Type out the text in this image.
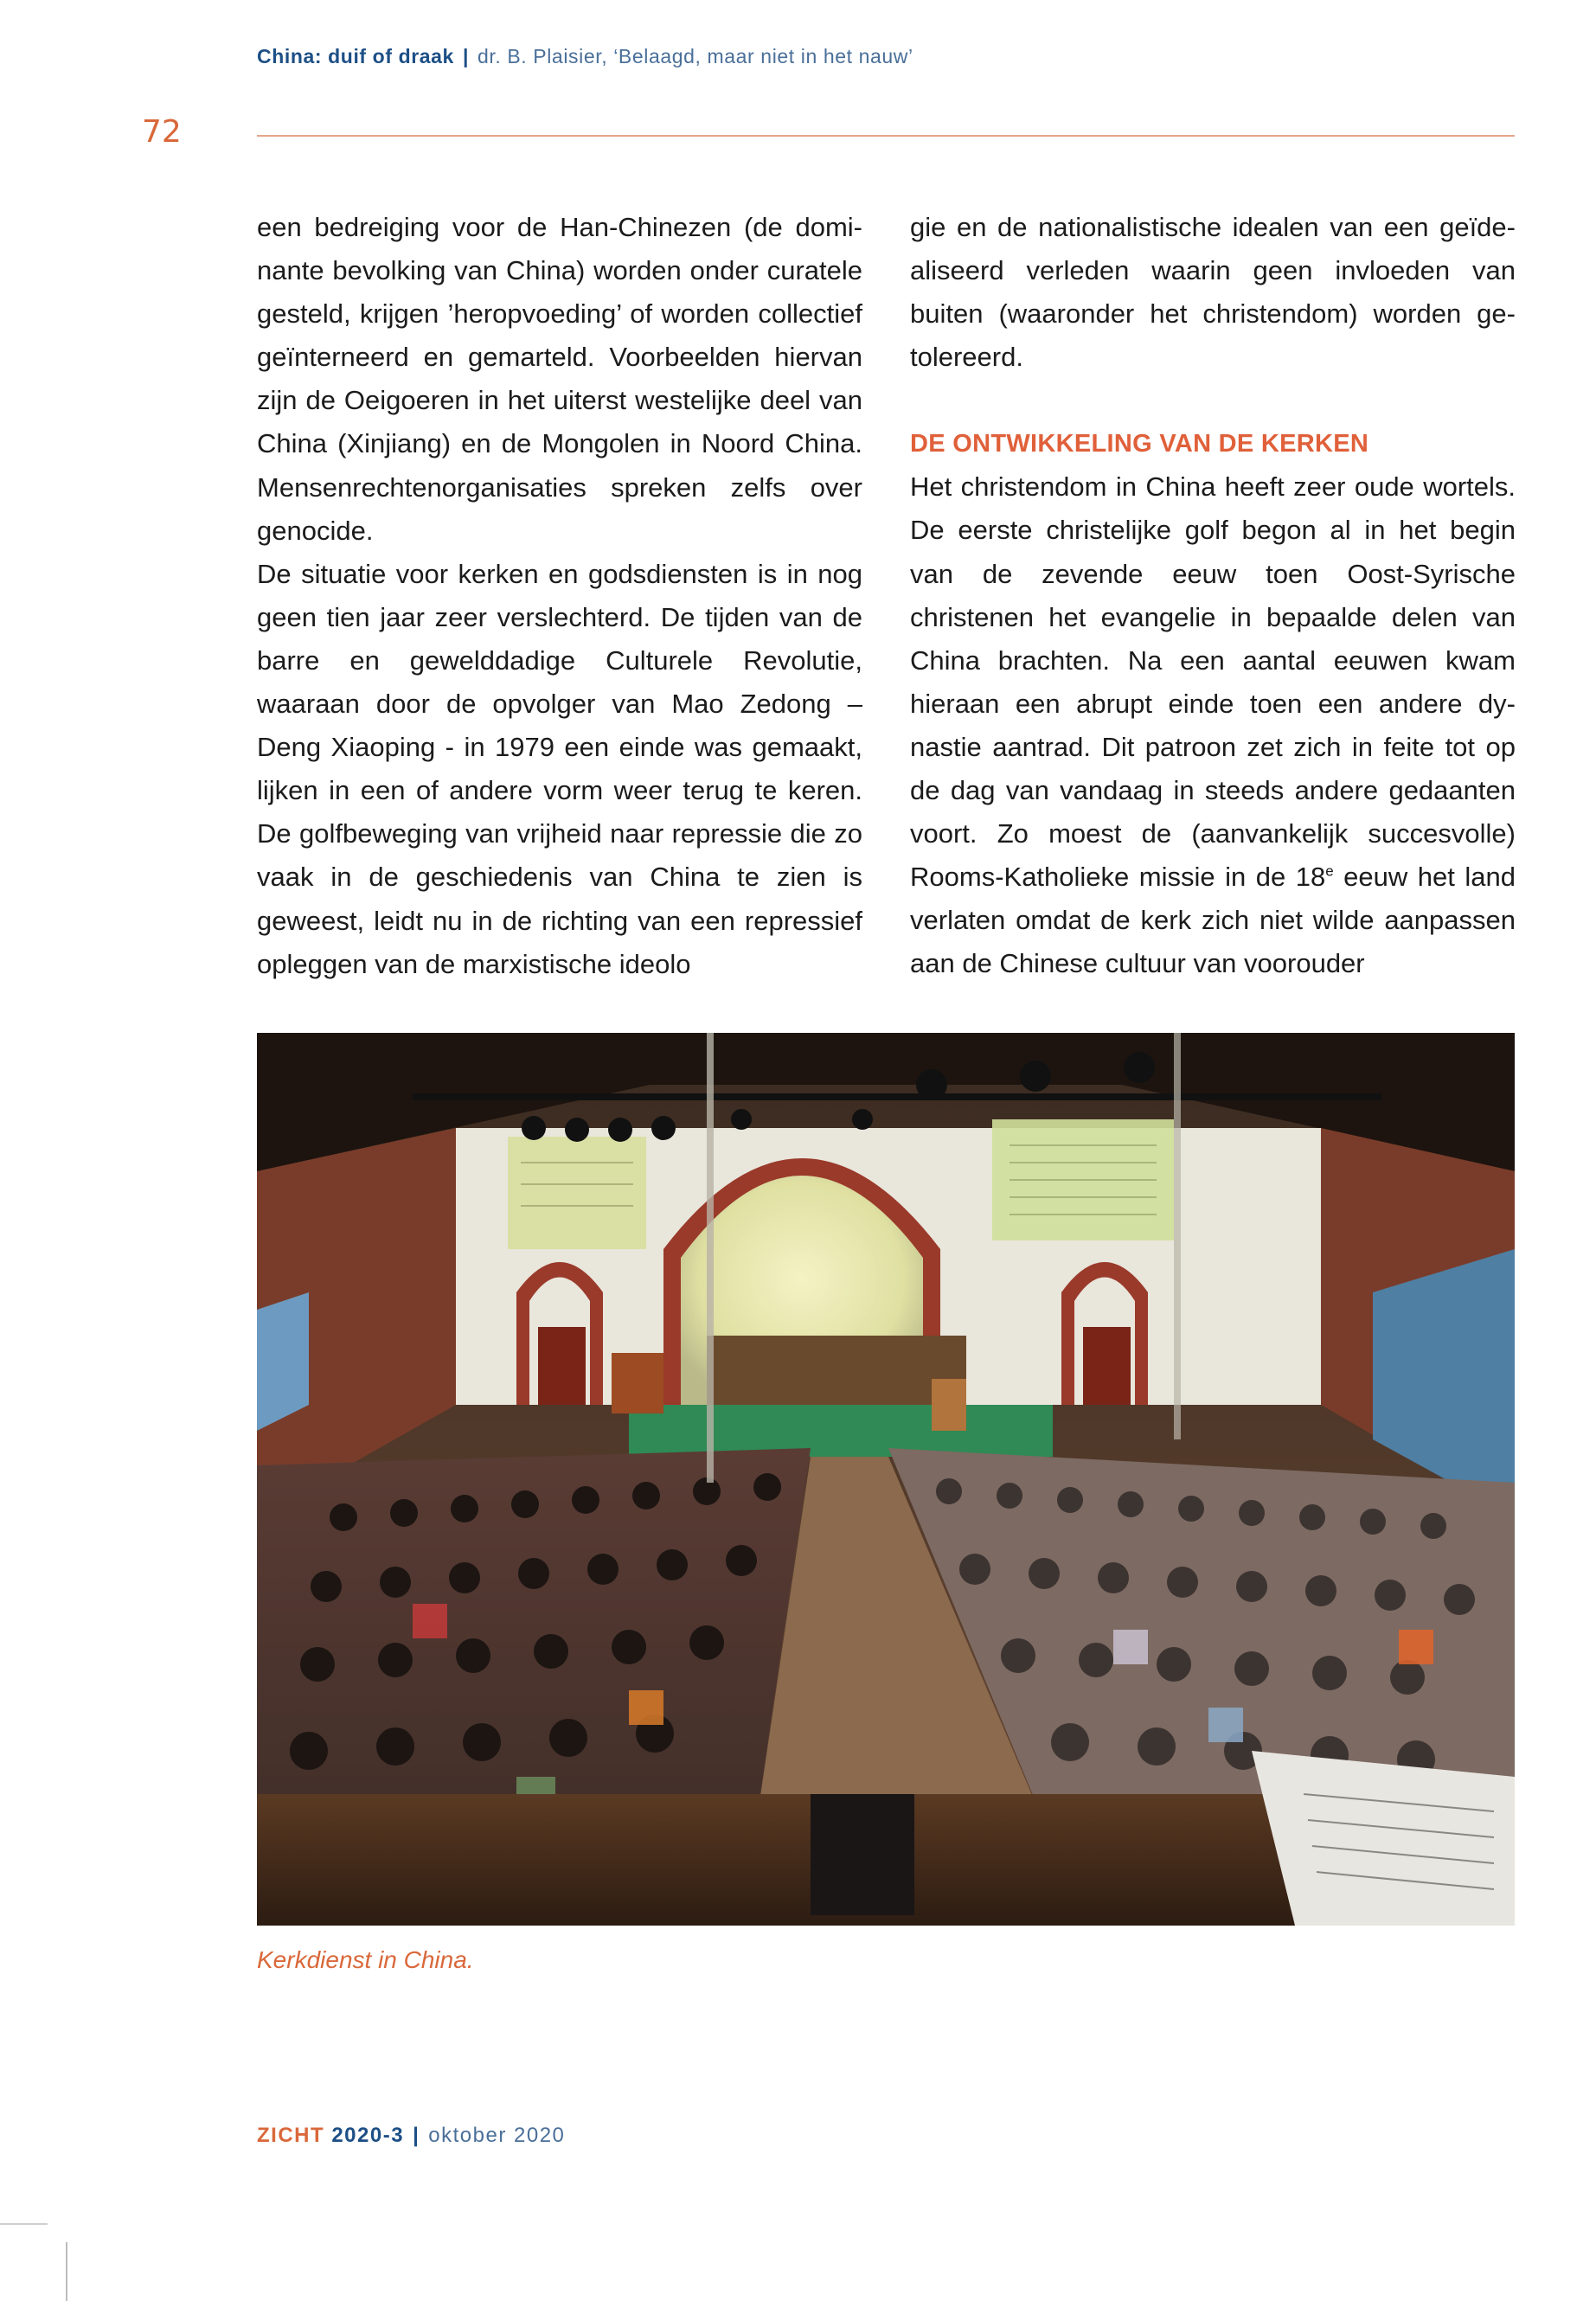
China: duif of draak | dr. B. Plaisier, ‘Belaagd, maar niet in het nauw’
72

een bedreiging voor de Han-Chinezen (de dominante bevolking van China) worden onder curatele gesteld, krijgen ’heropvoeding’ of worden collectief geïnterneerd en gemarteld. Voorbeelden hiervan zijn de Oeigoeren in het uiterst westelijke deel van China (Xinjiang) en de Mongolen in Noord China. Mensenrechtenorganisaties spreken zelfs over genocide.

De situatie voor kerken en godsdiensten is in nog geen tien jaar zeer verslechterd. De tijden van de barre en gewelddadige Culturele Revolutie, waaraan door de opvolger van Mao Zedong – Deng Xiaoping - in 1979 een einde was gemaakt, lijken in een of andere vorm weer terug te keren. De golfbeweging van vrijheid naar repressie die zo vaak in de geschiedenis van China te zien is geweest, leidt nu in de richting van een repressief opleggen van de marxistische ideolo

gie en de nationalistische idealen van een geïdealiseerd verleden waarin geen invloeden van buiten (waaronder het christendom) worden getolereerd.

DE ONTWIKKELING VAN DE KERKEN

Het christendom in China heeft zeer oude wortels. De eerste christelijke golf begon al in het begin van de zevende eeuw toen Oost-Syrische christenen het evangelie in bepaalde delen van China brachten. Na een aantal eeuwen kwam hieraan een abrupt einde toen een andere dynastie aantrad. Dit patroon zet zich in feite tot op de dag van vandaag in steeds andere gedaanten voort. Zo moest de (aanvankelijk succesvolle) Rooms-Katholieke missie in de 18e eeuw het land verlaten omdat de kerk zich niet wilde aanpassen aan de Chinese cultuur van voorouder

Kerkdienst in China.
ZICHT 2020-3 | oktober 2020
